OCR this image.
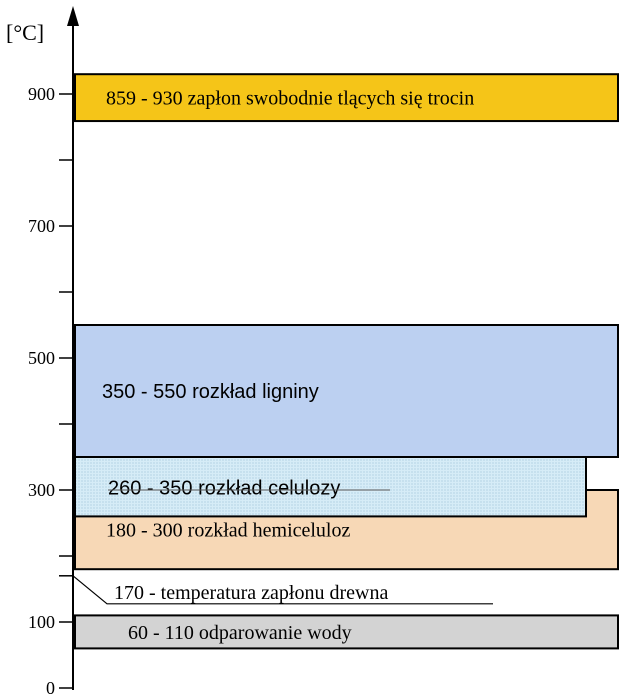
[°C]
0
100
300
500
700
900
60 - 110 odparowanie wody
180 - 300 rozkład hemiceluloz
350 - 550 rozkład ligniny
260 - 350 rozkład celulozy
859 - 930 zapłon swobodnie tlących się trocin
170 - temperatura zapłonu drewna
